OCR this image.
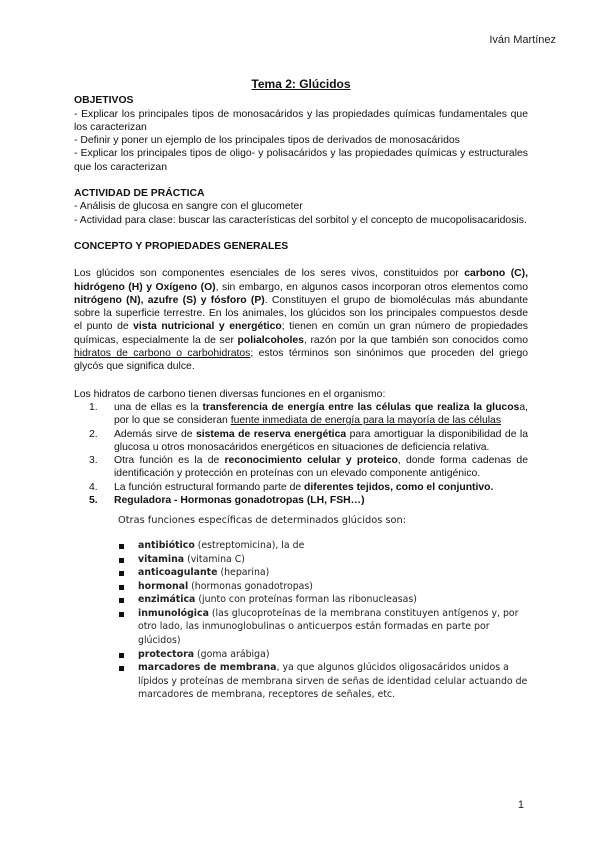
Iván Martínez
Tema 2: Glúcidos
OBJETIVOS

- Explicar los principales tipos de monosacáridos y las propiedades químicas fundamentales que los caracterizan

- Definir y poner un ejemplo de los principales tipos de derivados de monosacáridos

- Explicar los principales tipos de oligo- y polisacáridos y las propiedades químicas y estructurales que los caracterizan

ACTIVIDAD DE PRÁCTICA

- Análisis de glucosa en sangre con el glucometer

- Actividad para clase: buscar las características del sorbitol y el concepto de mucopolisacaridosis.

CONCEPTO Y PROPIEDADES GENERALES

Los glúcidos son componentes esenciales de los seres vivos, constituidos por carbono (C), hidrógeno (H) y Oxígeno (O), sin embargo, en algunos casos incorporan otros elementos como nitrógeno (N), azufre (S) y fósforo (P). Constituyen el grupo de biomoléculas más abundante sobre la superficie terrestre. En los animales, los glúcidos son los principales compuestos desde el punto de vista nutricional y energético; tienen en común un gran número de propiedades químicas, especialmente la de ser polialcoholes, razón por la que también son conocidos como hidratos de carbono o carbohidratos; estos términos son sinónimos que proceden del griego glycós que significa dulce.

Los hidratos de carbono tienen diversas funciones en el organismo:

1. una de ellas es la transferencia de energía entre las células que realiza la glucosa, por lo que se consideran fuente inmediata de energía para la mayoría de las células
2. Además sirve de sistema de reserva energética para amortiguar la disponibilidad de la glucosa u otros monosacáridos energéticos en situaciones de deficiencia relativa.
3. Otra función es la de reconocimiento celular y proteico, donde forma cadenas de identificación y protección en proteínas con un elevado componente antigénico.
4. La función estructural formando parte de diferentes tejidos, como el conjuntivo.
5. Reguladora - Hormonas gonadotropas (LH, FSH…)

Otras funciones específicas de determinados glúcidos son:

antibiótico (estreptomicina), la de
vitamina (vitamina C)
anticoagulante (heparina)
hormonal (hormonas gonadotropas)
enzimática (junto con proteínas forman las ribonucleasas)
inmunológica (las glucoproteínas de la membrana constituyen antígenos y, por otro lado, las inmunoglobulinas o anticuerpos están formadas en parte por glúcidos)
protectora (goma arábiga)
marcadores de membrana, ya que algunos glúcidos oligosacáridos unidos a lípidos y proteínas de membrana sirven de señas de identidad celular actuando de marcadores de membrana, receptores de señales, etc.
1
